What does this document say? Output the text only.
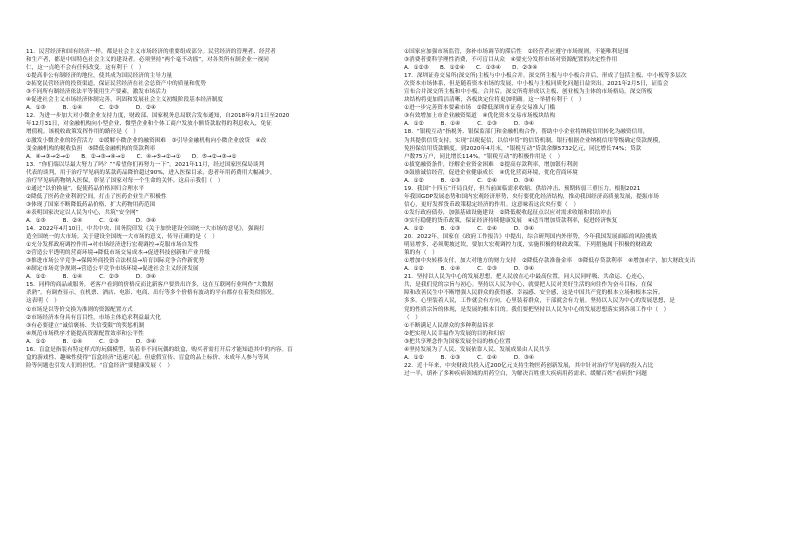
11．民营经济和国有经济一样，都是社会主义市场经济的重要组成部分。民营经济的管理者、经营者
和生产者，都是中国特色社会主义的建设者。必须坚持“两个毫不动摇”，对各类所有制企业一视同
仁，这一点绝不会有任何改变。这有利于（　）
①提高非公有制经济的地位，使其成为国民经济的主导力量
②拓宽民营经济的投资渠道，保证民营经济在社会总资产中的质量和优势
③不同所有制经济依法平等使用生产要素，激发市场活力
④促进社会主义市场经济体制完善，巩固和发展社会主义初级阶段基本经济制度
A．①③　　　B．①④　　　C．②③　　　D．②④
12．为进一步加大对小微企业支持力度，财政部、国家税务总局联合发布通知，自2018年9月1日至2020
年12月31日，对金融机构向小型企业、微型企业和个体工商户发放小额贷款取得的利息收入，免征
增值税。该税收政策发挥作用的路径是（　）
①激发小微企业的经营活力　②缓解小微企业的融资困难　③引导金融机构向小微企业放贷　④改
变金融机构的税收负担　⑤降低金融机构的贷款利率
A．④→③→②→①　　B．②→③→④→①　　C．④→⑤→②→①　　D．⑤→②→③→①
13．“你们端以尽最大努力了吗？”“希望你们再努力一下”。2021年11月，经过国家医保局谈判
代表的谈判，用于治疗罕见病的某款药品降价超过90%，进入医保目录，患者年用药费用大幅减少，
治疗罕见病药物纳入医保，彰显了国家对每一个生命的关怀。这启示我们（　）
①通过“以价换量”，促使药品价格回归合理水平
②降低了医药企业利润空间，打击了医药企业生产积极性
③体现了国家不断降低药品价格，扩大药物用药范围
④表明国家决定以人民为中心，共筑“安全网”
A．①③　　　B．②④　　　C．①④　　　D．③④
14．2022年4月10日，中共中央、国务院印发《关于加快建设全国统一大市场的意见》，强调打
造全国统一的大市场。关于建设全国统一大市场的意义，传导正确的是（　）
①充分发挥政府调控作用→对市场经济进行宏观调控→克服市场自发性
②营造公平透明的营商环境→降低市场交易成本→促进科技创新和产业升级
③推进市场公平竞争→保障外商投资合法权益→培育国际竞争合作新优势
④制定市场竞争规则→营造公平竞争市场环境→促进社会主义经济发展
A．①②　　　B．①④　　　C．②③　　　D．③④
15．同样的商品或服务，老客户看到的价格反而比新客户要贵出许多，这在互联网行业叫作“大数据
杀熟”。有调查显示，在机票、酒店、电影、电商、出行等多个价格有波动的平台都存在着类似情况。
这表明（　）
①市场是以等价交换为准则的资源配置方式
②市场经济本身具有盲目性，市场主体追求利益最大化
③有必要建立“诚信褒扬、失信受限”的奖惩机制
④规范市场秩序才能提高资源配置效率和公平性
A．①②　　　B．①④　　　C．②③　　　D．③④
16．盲盒是指装有特定样式的玩偶模型，装着非不同玩偶的纸盒，购买者需打开后才能知道其中的内容。盲
盒的游戏性、趣味性使得“盲盒经济”迅速兴起。但虚假宣传、盲盒的品上标价、未成年人参与等风
险等问题也引发人们的担忧。“盲盒经济”要健康发展（　）
①国家应加强市场监管，弥补市场调节的滞后性　②经营者应遵守市场规则，不能唯利是图
③消费者要科学理性消费，不可盲目从众　④要充分发挥市场对资源配置的决定性作用
A．①②③　　B．①②④　　C．①③④　　D．②③④
17．深圳证券交易所(深交所)主板与中小板合并。深交所主板与中小板合并后，形成了包括主板、中小板等多层次
次资本市场体系，但是随着资本市场的发展，中小板与主板同质化问题日益突出。2021年2月5日，证监会
宣布合并深交所主板和中小板。合并后，深交所将形成以主板、创业板为主体的市场格局，深交所板
块结构将更加简洁清晰，各板块定位将更加明确。这一举措有利于（　）
①进一步完善资本要素市场　②降低深圳市证券交易准入门槛
③有效增加上市企业融资渠道　④优化资本交易市场板块结构
A．①②　　　B．①④　　　C．②③　　　D．③④
18．“银税互动”指税务、银保监部门和金融机构合作，帮助中小企业将纳税信用转化为融资信用，
为其提供信贷支持，实现“以税促信，以信申贷”的信贷机制，银行根据企业纳税信用等级确定贷款规模，
免担保信用贷款额度。到2020年4月末，“银税互动”贷款余额5732亿元，同比增长74%；贷款
户数75万户，同比增长114%。“银税互动”的积极作用是（　）
①拔宽融资条件，纾解企业资金困难　②提高存款利率，增加银行利润
③鼓励诚信经营，促进企业健康成长　④优化营商环境，优化营商环境
A．①②　　　B．①③　　　C．②④　　　D．③④
19．我国“十四五”开局良好，但当前面临需求收缩、供给冲击、预期转弱三重压力。根据2021
年我国GDP发展态势和国内宏观经济形势，央行要优化经济结构，推动我国经济高质量发展，提振市场
信心，更好发挥货币政策稳定经济的作用。这意味着这次央行要（　）
①发行政府债券，加强基础设施建设　②降低税收起征点以应对需求收缩和供给冲击
③实行稳健的货币政策，保证经济持续健康发展　④适当增加贷款利率，促进经济恢复
A．①②　　　B．①③　　　C．②④　　　D．③④
20．2022年，国家在《政府工作报告》中提出，综合研判国内外形势，今年我国发展面临的风险挑战
明显增多，必须爬坡过坎，要加大宏观调控力度，实施积极的财政政策。下列措施属于积极的财政政
策的有（　）
①增加中央转移支付，加大对地方的财力支持　②降低存款准备金率　③降低存贷款利率　④增加赤字，加大财政支出
A．①②　　　B．①④　　　C．②③　　　D．③④
21．坚持以人民为中心的发展思想，把人民放在心中最高位置，同人民同呼吸、共命运、心连心，
共，是我们党的宗旨与初心。坚持以人民为中心，就要把人民对美好生活的向往作为奋斗目标，在保
障和改善民生中不断增强人民群众的获得感、幸福感、安全感，这是中国共产党的根本立场和根本宗旨。
多多。心里装着人民，工作就会有方向，心里装着群众，干部就会有力量。坚持以人民为中心的发展思想，是
党的性质宗旨的体现，是发展的根本目的。我们要把坚持以人民为中心的发展思想落实到各项工作中（　）
（　）
①不断满足人民群众的多种利益诉求
②把实现人民幸福作为发展的目的和归宿
③把共享理念作为国家发展全局的核心位置
④坚持发展为了人民、发展依靠人民、发展成果由人民共享
A．①②　　　B．①③　　　C．②④　　　D．③④
22．近十年来，中央财政共投入近200亿元支持生物医药创新发展，其中针对治疗罕见病的投入占比
过一半，填补了多种疾病领域的用药空白，为解决百姓重大疾病用药需求、缓解百姓“看病贵”问题
